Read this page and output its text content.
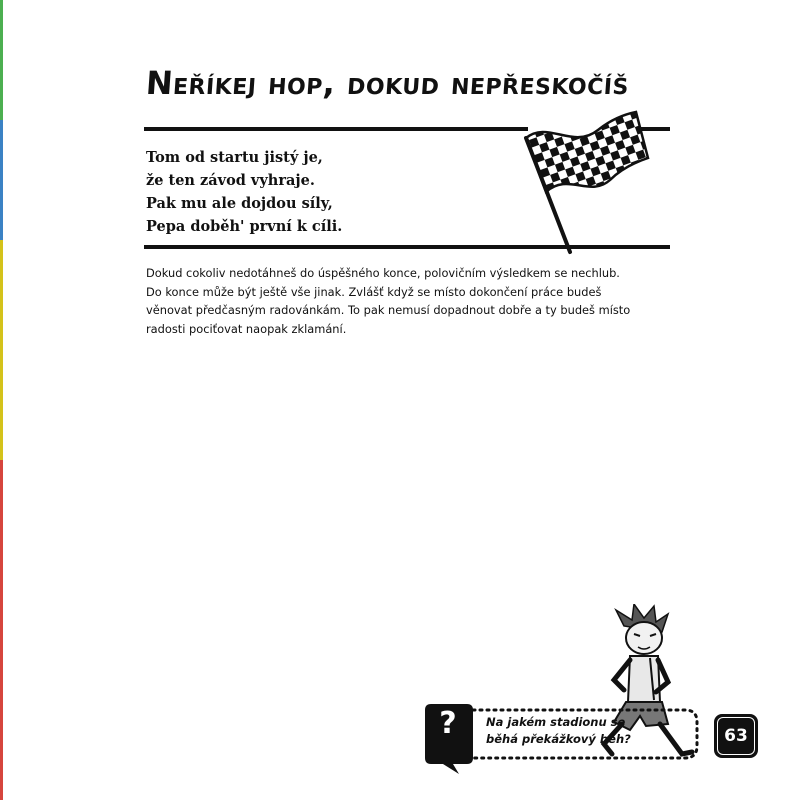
Neříkej hop, dokud nepřeskočíš
Tom od startu jistý je,
že ten závod vyhraje.
Pak mu ale dojdou síly,
Pepa doběh' první k cíli.
Dokud cokoliv nedotáhneš do úspěšného konce, polovičním výsledkem se nechlub.
Do konce může být ještě vše jinak. Zvlášť když se místo dokončení práce budeš
věnovat předčasným radovánkám. To pak nemusí dopadnout dobře a ty budeš místo
radosti pociťovat naopak zklamání.
?	Na jakém stadionu se
běhá překážkový běh?	63
